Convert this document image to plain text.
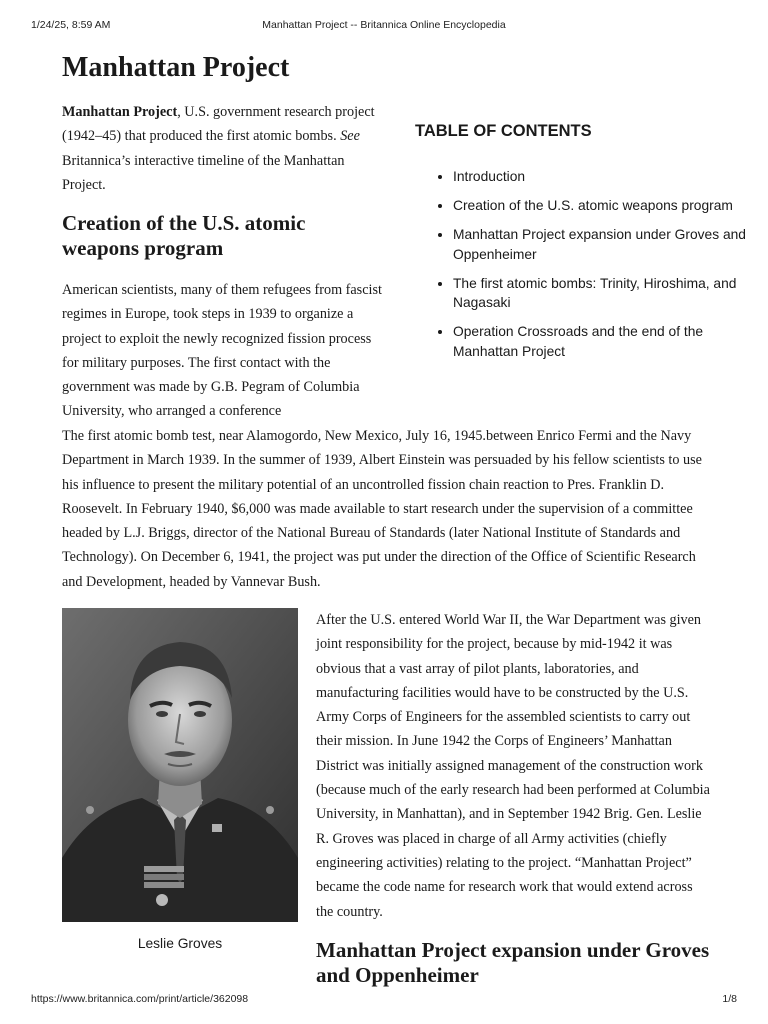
1/24/25, 8:59 AM	Manhattan Project -- Britannica Online Encyclopedia
Manhattan Project

Manhattan Project, U.S. government research project (1942–45) that produced the first atomic bombs. See Britannica’s interactive timeline of the Manhattan Project.

Creation of the U.S. atomic weapons program

American scientists, many of them refugees from fascist regimes in Europe, took steps in 1939 to organize a project to exploit the newly recognized fission process for military purposes. The first contact with the government was made by G.B. Pegram of Columbia University, who arranged a conference

The first atomic bomb test, near Alamogordo, New Mexico, July 16, 1945.between Enrico Fermi and the Navy Department in March 1939. In the summer of 1939, Albert Einstein was persuaded by his fellow scientists to use his influence to present the military potential of an uncontrolled fission chain reaction to Pres. Franklin D. Roosevelt. In February 1940, $6,000 was made available to start research under the supervision of a committee headed by L.J. Briggs, director of the National Bureau of Standards (later National Institute of Standards and Technology). On December 6, 1941, the project was put under the direction of the Office of Scientific Research and Development, headed by Vannevar Bush.

TABLE OF CONTENTS
• Introduction
• Creation of the U.S. atomic weapons program
• Manhattan Project expansion under Groves and Oppenheimer
• The first atomic bombs: Trinity, Hiroshima, and Nagasaki
• Operation Crossroads and the end of the Manhattan Project

Leslie Groves

After the U.S. entered World War II, the War Department was given joint responsibility for the project, because by mid-1942 it was obvious that a vast array of pilot plants, laboratories, and manufacturing facilities would have to be constructed by the U.S. Army Corps of Engineers for the assembled scientists to carry out their mission. In June 1942 the Corps of Engineers’ Manhattan District was initially assigned management of the construction work (because much of the early research had been performed at Columbia University, in Manhattan), and in September 1942 Brig. Gen. Leslie R. Groves was placed in charge of all Army activities (chiefly engineering activities) relating to the project. “Manhattan Project” became the code name for research work that would extend across the country.

Manhattan Project expansion under Groves and Oppenheimer
https://www.britannica.com/print/article/362098	1/8
